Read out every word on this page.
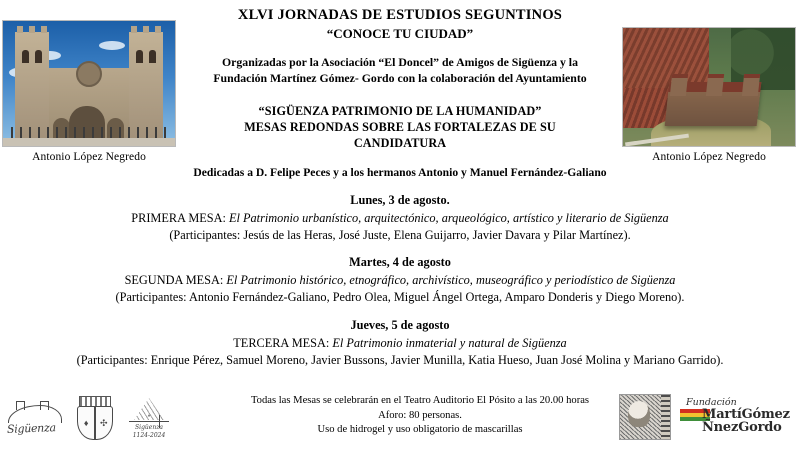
Antonio López Negredo	Antonio López Negredo
XLVI JORNADAS DE ESTUDIOS SEGUNTINOS
“CONOCE TU CIUDAD”
Organizadas por la Asociación “El Doncel” de Amigos de Sigüenza y la
Fundación Martínez Gómez- Gordo con la colaboración del Ayuntamiento
“SIGÜENZA PATRIMONIO DE LA HUMANIDAD”
MESAS REDONDAS SOBRE LAS FORTALEZAS DE SU
CANDIDATURA
Dedicadas a D. Felipe Peces y a los hermanos Antonio y Manuel Fernández-Galiano
Lunes, 3 de agosto.
PRIMERA MESA: El Patrimonio urbanístico, arquitectónico, arqueológico, artístico y literario de Sigüenza
(Participantes: Jesús de las Heras, José Juste, Elena Guijarro, Javier Davara y Pilar Martínez).
Martes, 4 de agosto
SEGUNDA MESA: El Patrimonio histórico, etnográfico, archivístico, museográfico y periodístico de Sigüenza
(Participantes: Antonio Fernández-Galiano, Pedro Olea, Miguel Ángel Ortega, Amparo Donderis y Diego Moreno).
Jueves, 5 de agosto
TERCERA MESA: El Patrimonio inmaterial y natural de Sigüenza
(Participantes: Enrique Pérez, Samuel Moreno, Javier Bussons, Javier Munilla, Katia Hueso, Juan José Molina y Mariano Garrido).
Todas las Mesas se celebrarán en el Teatro Auditorio El Pósito a las 20.00 horas
Aforo: 80 personas.
Uso de hidrogel y uso obligatorio de mascarillas
Sigüenza	♦	✣	Sigüenza
1124-2024
Fundación
MartíGómez
ÑnezGordo
